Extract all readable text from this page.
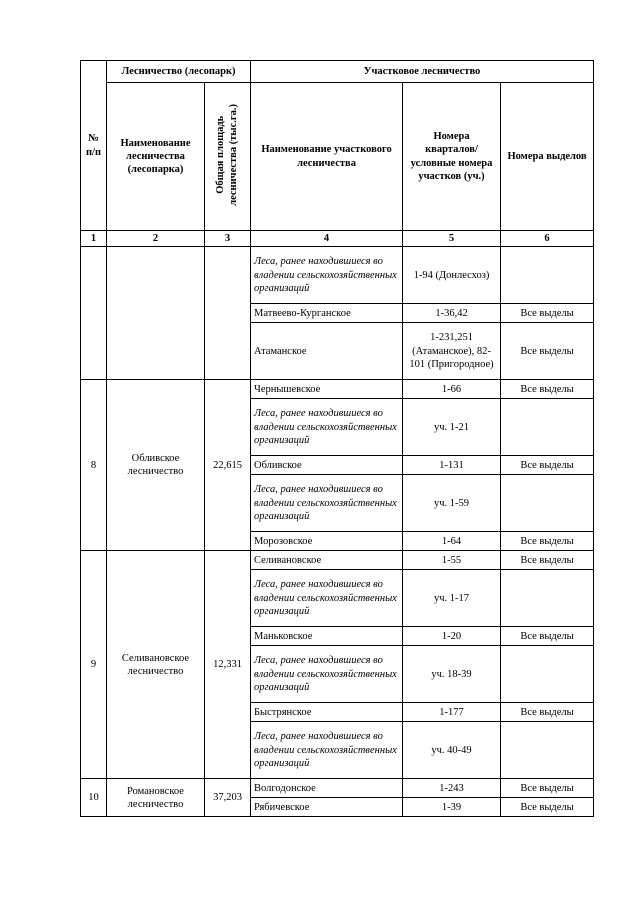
№ п/п	Лесничество (лесопарк)		Участковое лесничество		
	Наименование лесничества (лесопарка)	Общая площадь лесничества (тыс.га.)	Наименование участкового лесничества	Номера кварталов/ условные номера участков (уч.)	Номера выделов
1	2	3	4	5	6
			Леса, ранее находившиеся во владении сельскохозяйственных организаций	1-94 (Донлесхоз)	
			Матвеево-Курганское	1-36,42	Все выделы
			Атаманское	1-231,251 (Атаманское), 82-101 (Пригородное)	Все выделы
8	Обливское лесничество	22,615	Чернышевское	1-66	Все выделы
			Леса, ранее находившиеся во владении сельскохозяйственных организаций	уч. 1-21	
			Обливское	1-131	Все выделы
			Леса, ранее находившиеся во владении сельскохозяйственных организаций	уч. 1-59	
			Морозовское	1-64	Все выделы
9	Селивановское лесничество	12,331	Селивановское	1-55	Все выделы
			Леса, ранее находившиеся во владении сельскохозяйственных организаций	уч. 1-17	
			Маньковское	1-20	Все выделы
			Леса, ранее находившиеся во владении сельскохозяйственных организаций	уч. 18-39	
			Быстрянское	1-177	Все выделы
			Леса, ранее находившиеся во владении сельскохозяйственных организаций	уч. 40-49	

10	Романовское лесничество	37,203	Волгодонское	1-243	Все выделы
			Рябичевское	1-39	Все выделы
